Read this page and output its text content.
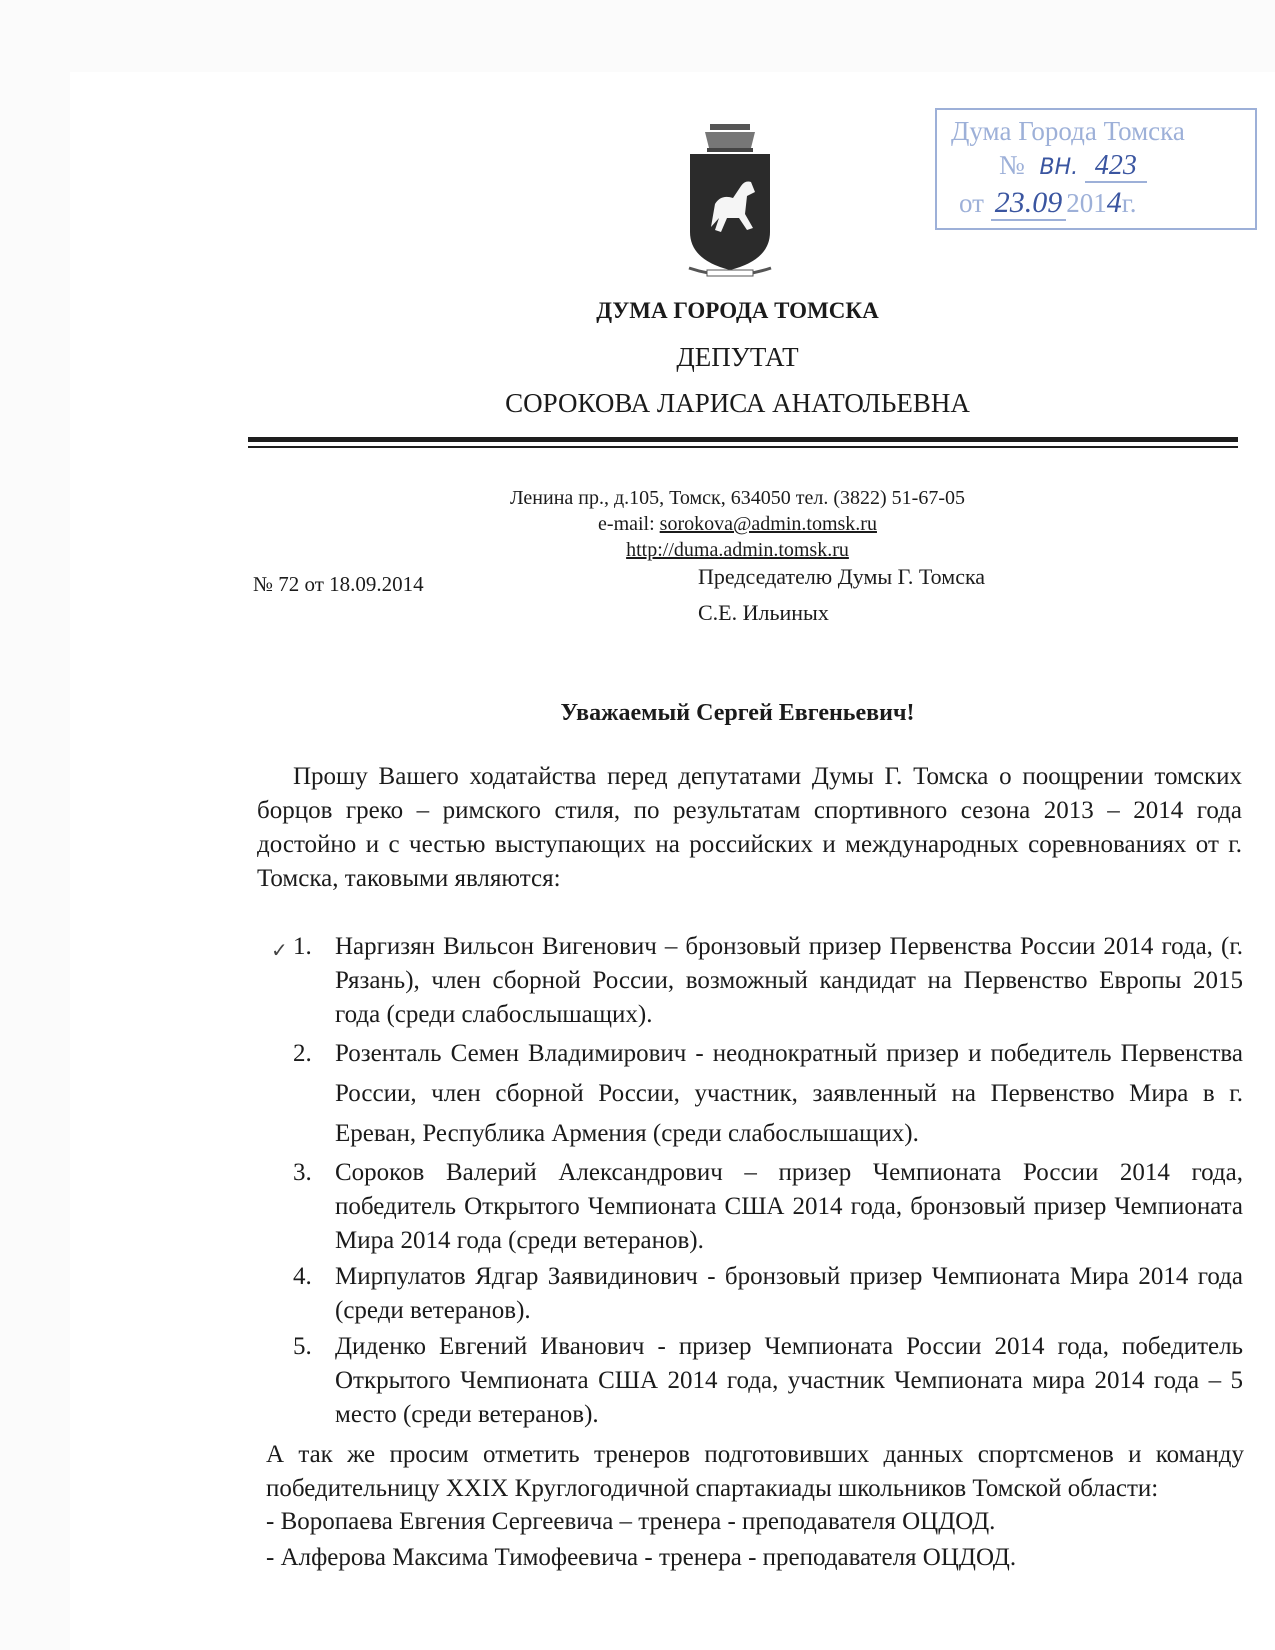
Дума Города Томска
№ ВН. 423
от 23.09 2014г.
ДУМА ГОРОДА ТОМСКА
ДЕПУТАТ
СОРОКОВА ЛАРИСА АНАТОЛЬЕВНА
Ленина пр., д.105, Томск, 634050 тел. (3822) 51-67-05
e-mail: sorokova@admin.tomsk.ru
http://duma.admin.tomsk.ru
№ 72 от 18.09.2014	Председателю Думы Г. Томска
С.Е. Ильиных
Уважаемый Сергей Евгеньевич!
Прошу Вашего ходатайства перед депутатами Думы Г. Томска о поощрении томских борцов греко – римского стиля, по результатам спортивного сезона 2013 – 2014 года достойно и с честью выступающих на российских и международных соревнованиях от г. Томска, таковыми являются:
✓ 1. Наргизян Вильсон Вигенович – бронзовый призер Первенства России 2014 года, (г. Рязань), член сборной России, возможный кандидат на Первенство Европы 2015 года (среди слабослышащих).
2. Розенталь Семен Владимирович - неоднократный призер и победитель Первенства России, член сборной России, участник, заявленный на Первенство Мира в г. Ереван, Республика Армения (среди слабослышащих).
3. Сороков Валерий Александрович – призер Чемпионата России 2014 года, победитель Открытого Чемпионата США 2014 года, бронзовый призер Чемпионата Мира 2014 года (среди ветеранов).
4. Мирпулатов Ядгар Заявидинович - бронзовый призер Чемпионата Мира 2014 года (среди ветеранов).
5. Диденко Евгений Иванович - призер Чемпионата России 2014 года, победитель Открытого Чемпионата США 2014 года, участник Чемпионата мира 2014 года – 5 место (среди ветеранов).
А так же просим отметить тренеров подготовивших данных спортсменов и команду победительницу XXIX Круглогодичной спартакиады школьников Томской области:
- Воропаева Евгения Сергеевича – тренера - преподавателя ОЦДОД.
- Алферова Максима Тимофеевича - тренера - преподавателя ОЦДОД.
